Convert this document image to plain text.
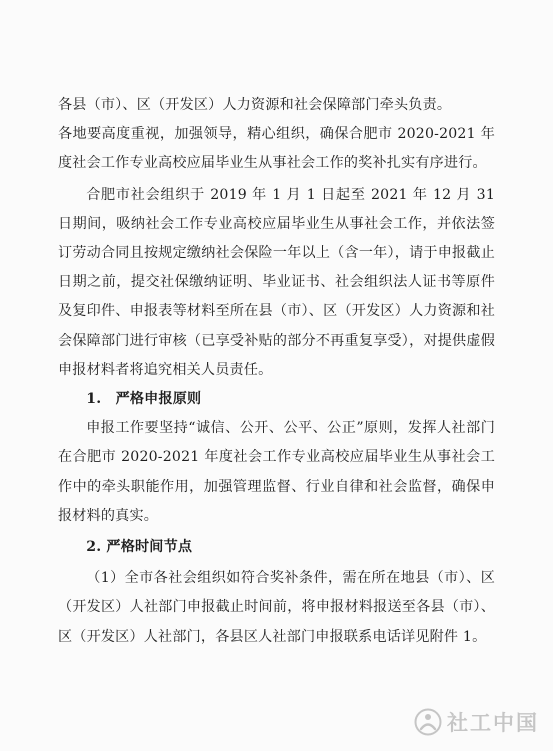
各县（市）、区（开发区）人力资源和社会保障部门牵头负责。

各地要高度重视，加强领导，精心组织，确保合肥市 2020-2021 年度社会工作专业高校应届毕业生从事社会工作的奖补扎实有序进行。

合肥市社会组织于 2019 年 1 月 1 日起至 2021 年 12 月 31 日期间，吸纳社会工作专业高校应届毕业生从事社会工作，并依法签订劳动合同且按规定缴纳社会保险一年以上（含一年），请于申报截止日期之前，提交社保缴纳证明、毕业证书、社会组织法人证书等原件及复印件、申报表等材料至所在县（市）、区（开发区）人力资源和社会保障部门进行审核（已享受补贴的部分不再重复享受），对提供虚假申报材料者将追究相关人员责任。

1.　严格申报原则

申报工作要坚持“诚信、公开、公平、公正”原则，发挥人社部门在合肥市 2020-2021 年度社会工作专业高校应届毕业生从事社会工作中的牵头职能作用，加强管理监督、行业自律和社会监督，确保申报材料的真实。

2. 严格时间节点

（1）全市各社会组织如符合奖补条件，需在所在地县（市）、区（开发区）人社部门申报截止时间前，将申报材料报送至各县（市）、区（开发区）人社部门，各县区人社部门申报联系电话详见附件 1。

社工中国
